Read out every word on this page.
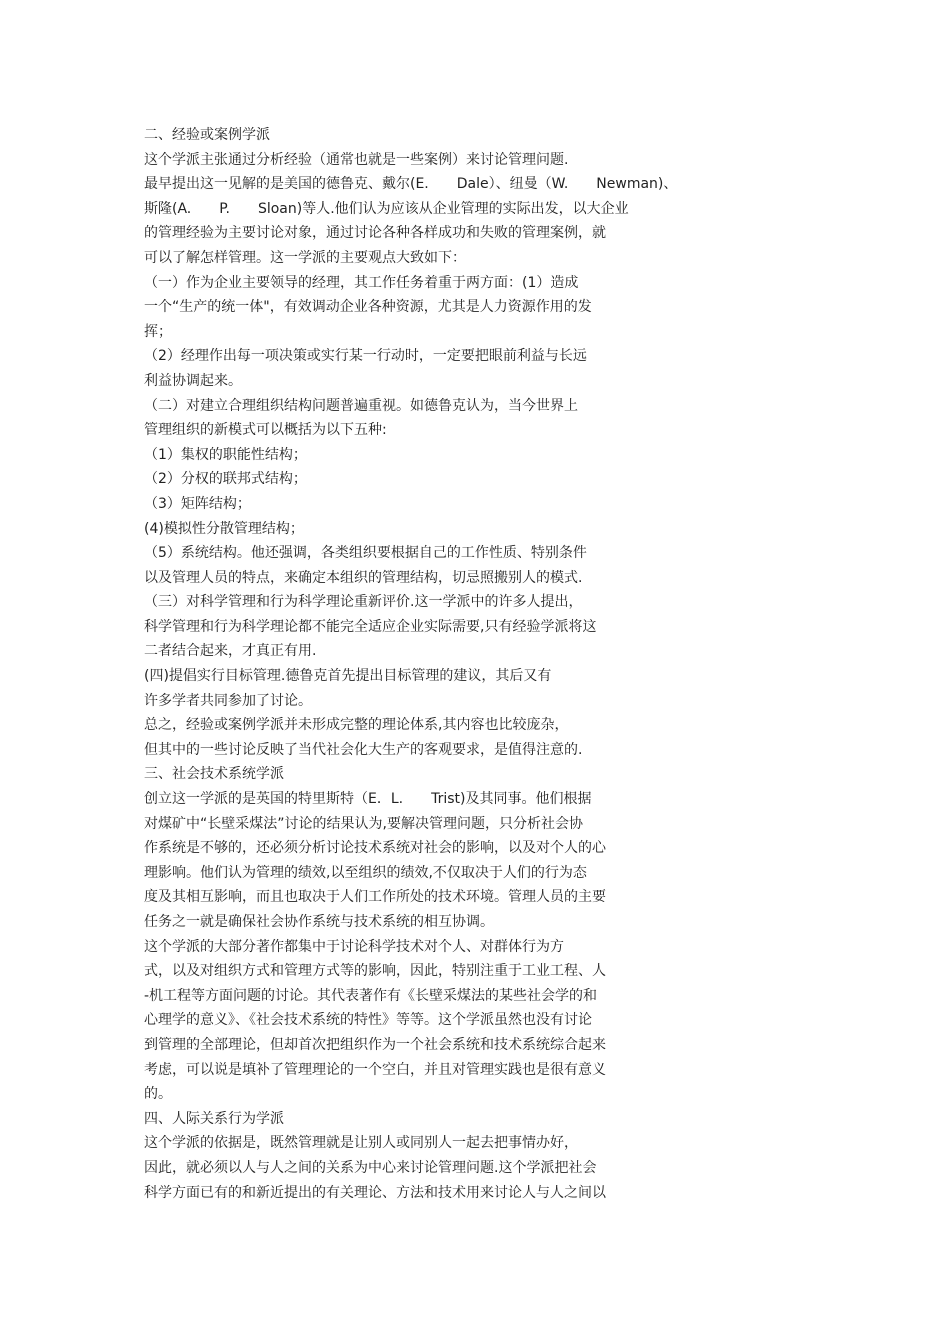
二、经验或案例学派
这个学派主张通过分析经验（通常也就是一些案例）来讨论管理问题.
最早提出这一见解的是美国的德鲁克、戴尔(E.　　Dale）、纽曼（W.　　Newman)、
斯隆(A.　　P.　　Sloan)等人.他们认为应该从企业管理的实际出发，以大企业
的管理经验为主要讨论对象，通过讨论各种各样成功和失败的管理案例，就
可以了解怎样管理。这一学派的主要观点大致如下：
（一）作为企业主要领导的经理，其工作任务着重于两方面：(1）造成
一个“生产的统一体"，有效调动企业各种资源，尤其是人力资源作用的发
挥；
（2）经理作出每一项决策或实行某一行动时，一定要把眼前利益与长远
利益协调起来。
（二）对建立合理组织结构问题普遍重视。如德鲁克认为，当今世界上
管理组织的新模式可以概括为以下五种:
（1）集权的职能性结构；
（2）分权的联邦式结构；
（3）矩阵结构；
(4)模拟性分散管理结构；
（5）系统结构。他还强调，各类组织要根据自己的工作性质、特别条件
以及管理人员的特点，来确定本组织的管理结构，切忌照搬别人的模式.
（三）对科学管理和行为科学理论重新评价.这一学派中的许多人提出，
科学管理和行为科学理论都不能完全适应企业实际需要,只有经验学派将这
二者结合起来，才真正有用.
(四)提倡实行目标管理.德鲁克首先提出目标管理的建议，其后又有
许多学者共同参加了讨论。
总之，经验或案例学派并未形成完整的理论体系,其内容也比较庞杂，
但其中的一些讨论反映了当代社会化大生产的客观要求，是值得注意的.
三、社会技术系统学派
创立这一学派的是英国的特里斯特（E．L.　　Trist)及其同事。他们根据
对煤矿中“长壁采煤法”讨论的结果认为,要解决管理问题，只分析社会协
作系统是不够的，还必须分析讨论技术系统对社会的影响，以及对个人的心
理影响。他们认为管理的绩效,以至组织的绩效,不仅取决于人们的行为态
度及其相互影响，而且也取决于人们工作所处的技术环境。管理人员的主要
任务之一就是确保社会协作系统与技术系统的相互协调。
这个学派的大部分著作都集中于讨论科学技术对个人、对群体行为方
式，以及对组织方式和管理方式等的影响，因此，特别注重于工业工程、人
-机工程等方面问题的讨论。其代表著作有《长壁采煤法的某些社会学的和
心理学的意义》、《社会技术系统的特性》等等。这个学派虽然也没有讨论
到管理的全部理论，但却首次把组织作为一个社会系统和技术系统综合起来
考虑，可以说是填补了管理理论的一个空白，并且对管理实践也是很有意义
的。
四、人际关系行为学派
这个学派的依据是，既然管理就是让别人或同别人一起去把事情办好，
因此，就必须以人与人之间的关系为中心来讨论管理问题.这个学派把社会
科学方面已有的和新近提出的有关理论、方法和技术用来讨论人与人之间以
